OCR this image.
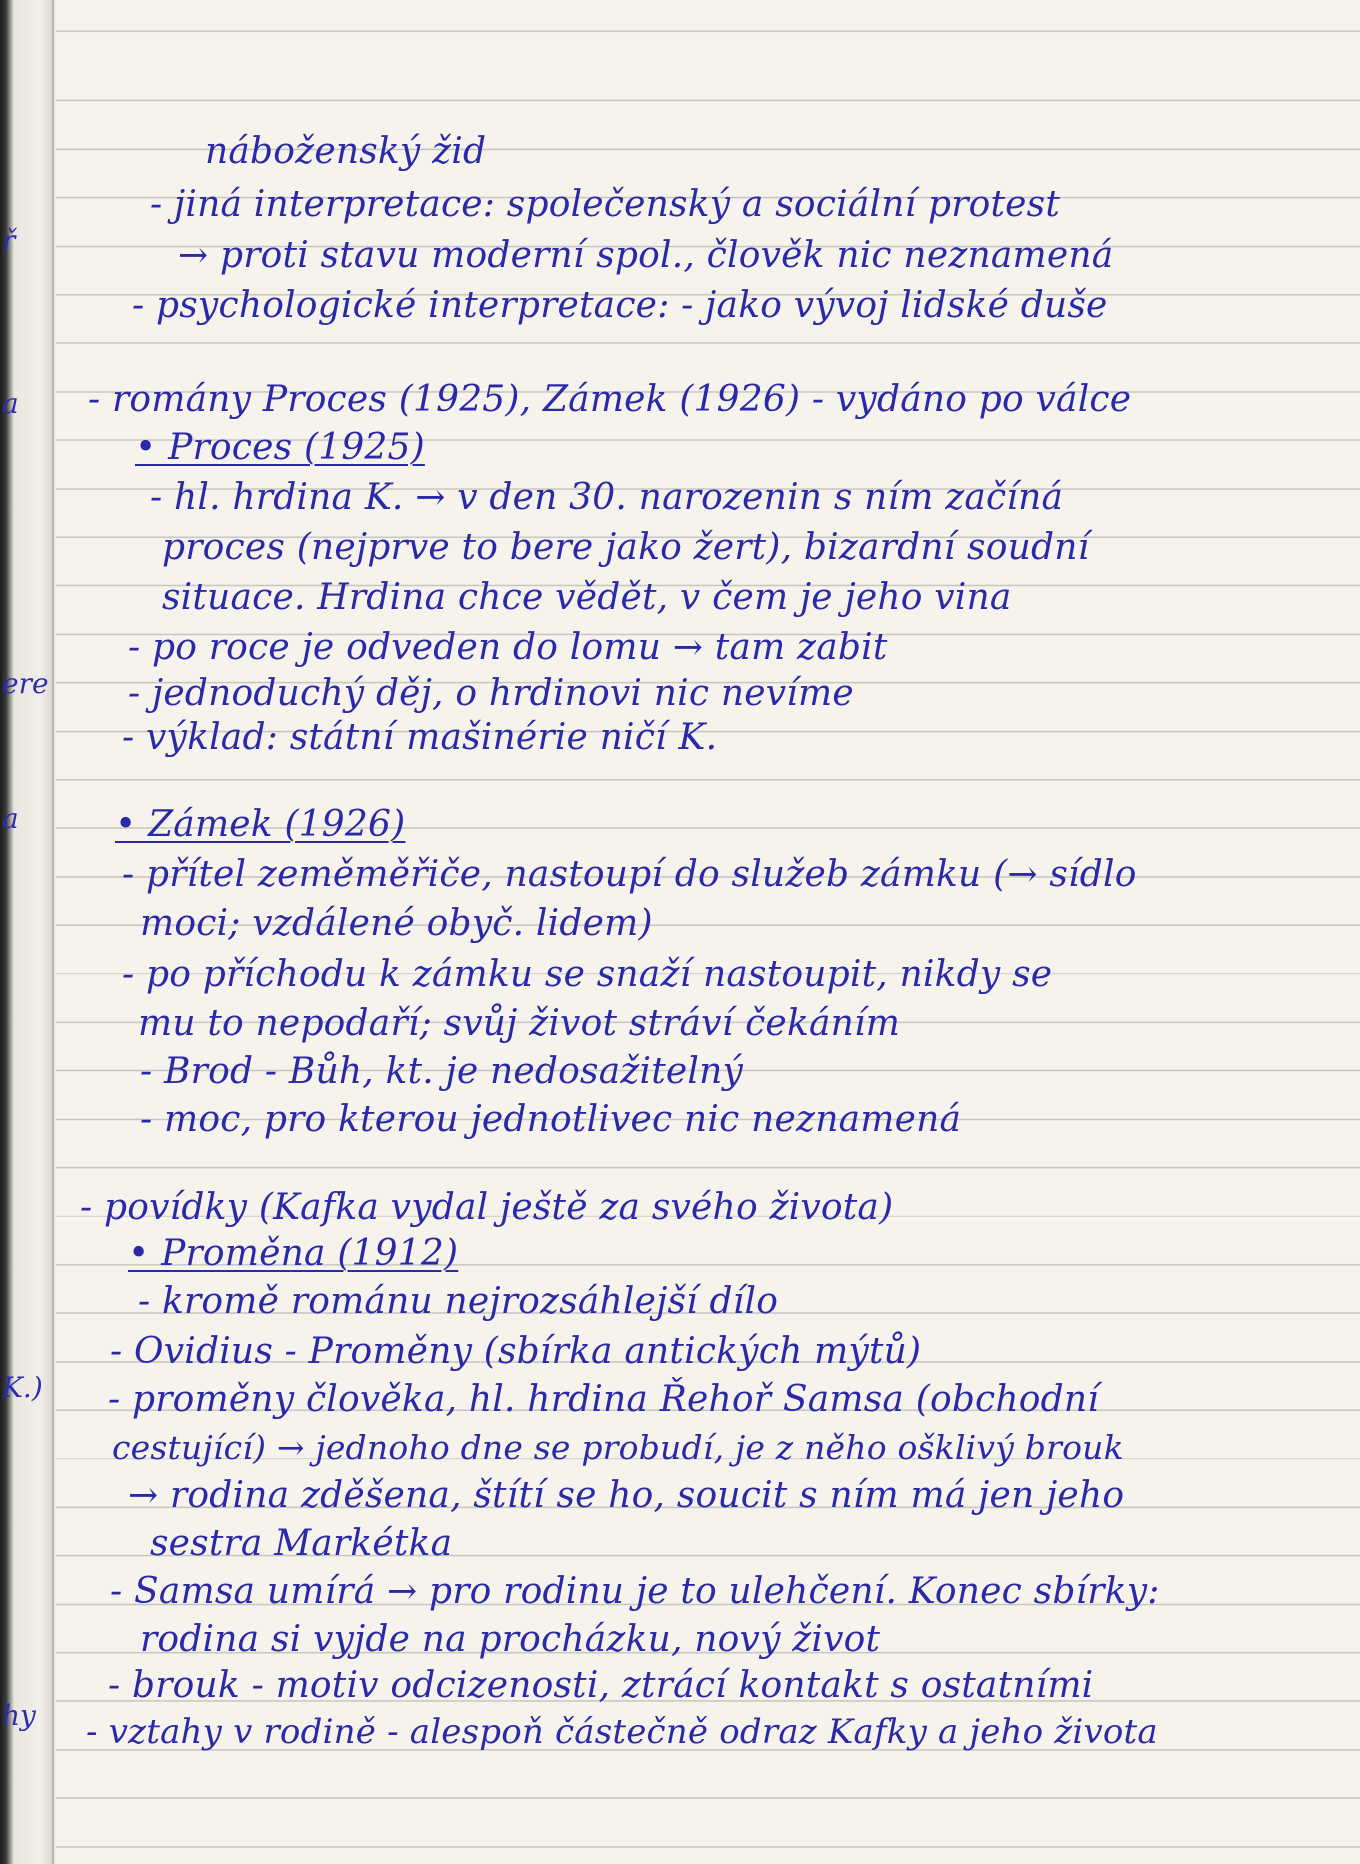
ř
a
ere
a
K.)
hy
náboženský žid
- jiná interpretace: společenský a sociální protest
→ proti stavu moderní spol., člověk nic neznamená
- psychologické interpretace: - jako vývoj lidské duše
- romány Proces (1925), Zámek (1926) - vydáno po válce
• Proces (1925)
- hl. hrdina K. → v den 30. narozenin s ním začíná
proces (nejprve to bere jako žert), bizardní soudní
situace. Hrdina chce vědět, v čem je jeho vina
- po roce je odveden do lomu → tam zabit
- jednoduchý děj, o hrdinovi nic nevíme
- výklad: státní mašinérie ničí K.
• Zámek (1926)
- přítel zeměměřiče, nastoupí do služeb zámku (→ sídlo
moci; vzdálené obyč. lidem)
- po příchodu k zámku se snaží nastoupit, nikdy se
mu to nepodaří; svůj život stráví čekáním
- Brod - Bůh, kt. je nedosažitelný
- moc, pro kterou jednotlivec nic neznamená
- povídky (Kafka vydal ještě za svého života)
• Proměna (1912)
- kromě románu nejrozsáhlejší dílo
- Ovidius - Proměny (sbírka antických mýtů)
- proměny člověka, hl. hrdina Řehoř Samsa (obchodní
cestující) → jednoho dne se probudí, je z něho ošklivý brouk
→ rodina zděšena, štítí se ho, soucit s ním má jen jeho
sestra Markétka
- Samsa umírá → pro rodinu je to ulehčení. Konec sbírky:
rodina si vyjde na procházku, nový život
- brouk - motiv odcizenosti, ztrácí kontakt s ostatními
- vztahy v rodině - alespoň částečně odraz Kafky a jeho života
